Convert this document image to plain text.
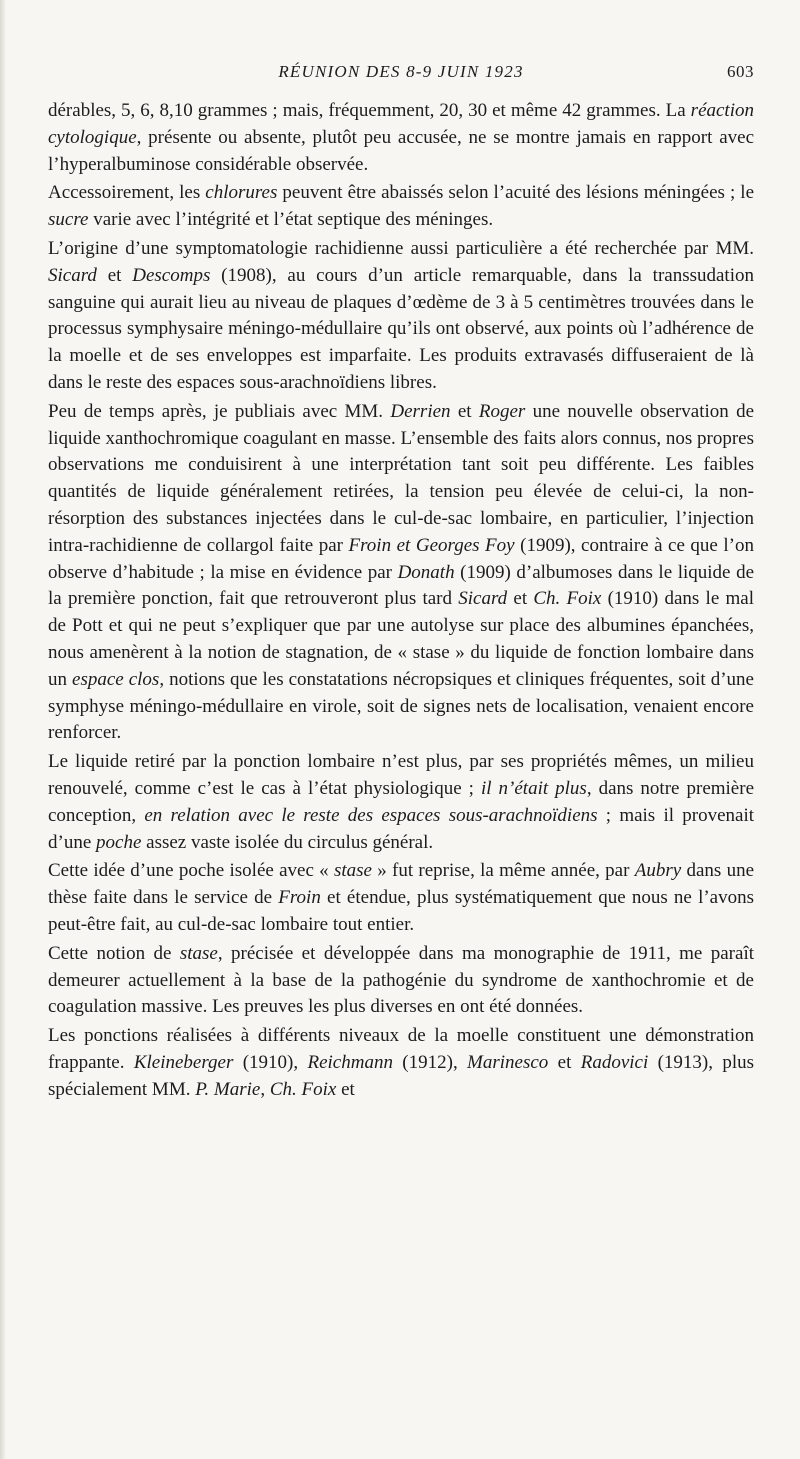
RÉUNION DES 8-9 JUIN 1923	603

dérables, 5, 6, 8,10 grammes ; mais, fréquemment, 20, 30 et même 42 grammes. La réaction cytologique, présente ou absente, plutôt peu accusée, ne se montre jamais en rapport avec l’hyperalbuminose considérable observée.

Accessoirement, les chlorures peuvent être abaissés selon l’acuité des lésions méningées ; le sucre varie avec l’intégrité et l’état septique des méninges.

L’origine d’une symptomatologie rachidienne aussi particulière a été recherchée par MM. Sicard et Descomps (1908), au cours d’un article remarquable, dans la transsudation sanguine qui aurait lieu au niveau de plaques d’œdème de 3 à 5 centimètres trouvées dans le processus symphysaire méningo-médullaire qu’ils ont observé, aux points où l’adhérence de la moelle et de ses enveloppes est imparfaite. Les produits extravasés diffuseraient de là dans le reste des espaces sous-arachnoïdiens libres.

Peu de temps après, je publiais avec MM. Derrien et Roger une nouvelle observation de liquide xanthochromique coagulant en masse. L’ensemble des faits alors connus, nos propres observations me conduisirent à une interprétation tant soit peu différente. Les faibles quantités de liquide généralement retirées, la tension peu élevée de celui-ci, la non-résorption des substances injectées dans le cul-de-sac lombaire, en particulier, l’injection intra-rachidienne de collargol faite par Froin et Georges Foy (1909), contraire à ce que l’on observe d’habitude ; la mise en évidence par Donath (1909) d’albumoses dans le liquide de la première ponction, fait que retrouveront plus tard Sicard et Ch. Foix (1910) dans le mal de Pott et qui ne peut s’expliquer que par une autolyse sur place des albumines épanchées, nous amenèrent à la notion de stagnation, de « stase » du liquide de fonction lombaire dans un espace clos, notions que les constatations nécropsiques et cliniques fréquentes, soit d’une symphyse méningo-médullaire en virole, soit de signes nets de localisation, venaient encore renforcer.

Le liquide retiré par la ponction lombaire n’est plus, par ses propriétés mêmes, un milieu renouvelé, comme c’est le cas à l’état physiologique ; il n’était plus, dans notre première conception, en relation avec le reste des espaces sous-arachnoïdiens ; mais il provenait d’une poche assez vaste isolée du circulus général.

Cette idée d’une poche isolée avec « stase » fut reprise, la même année, par Aubry dans une thèse faite dans le service de Froin et étendue, plus systématiquement que nous ne l’avons peut-être fait, au cul-de-sac lombaire tout entier.

Cette notion de stase, précisée et développée dans ma monographie de 1911, me paraît demeurer actuellement à la base de la pathogénie du syndrome de xanthochromie et de coagulation massive. Les preuves les plus diverses en ont été données.

Les ponctions réalisées à différents niveaux de la moelle constituent une démonstration frappante. Kleineberger (1910), Reichmann (1912), Marinesco et Radovici (1913), plus spécialement MM. P. Marie, Ch. Foix et
